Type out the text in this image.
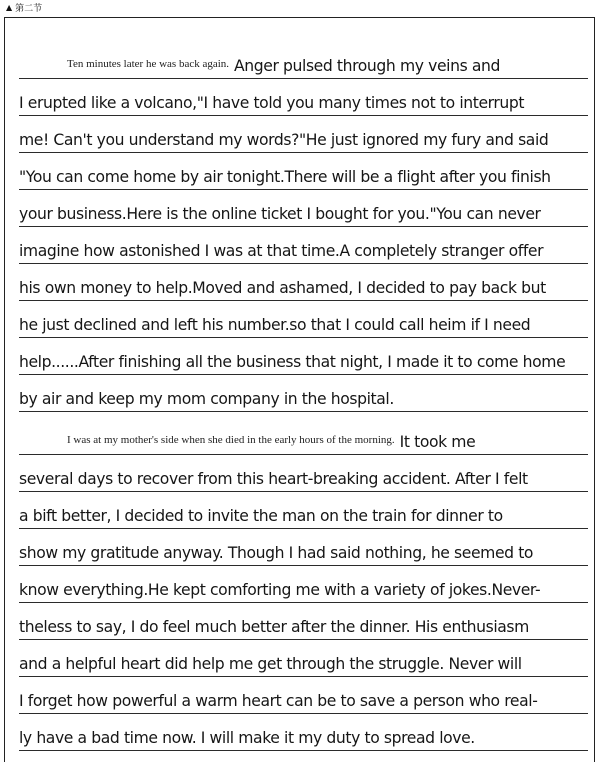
▲ 第二节
Ten minutes later he was back again. Anger pulsed through my veins and
I erupted like a volcano,"I have told you many times not to interrupt
me! Can't you understand my words?"He just ignored my fury and said
"You can come home by air tonight.There will be a flight after you finish
your business.Here is the online ticket I bought for you."You can never
imagine how astonished I was at that time.A completely stranger offer
his own money to help.Moved and ashamed, I decided to pay back but
he just declined and left his number.so that I could call heim if I need
help......After finishing all the business that night, I made it to come home
by air and keep my mom company in the hospital.
I was at my mother's side when she died in the early hours of the morning. It took me
several days to recover from this heart-breaking accident. After I felt
a bift better, I decided to invite the man on the train for dinner to
show my gratitude anyway. Though I had said nothing, he seemed to
know everything.He kept comforting me with a variety of jokes.Never-
theless to say, I do feel much better after the dinner. His enthusiasm
and a helpful heart did help me get through the struggle. Never will
I forget how powerful a warm heart can be to save a person who real-
ly have a bad time now. I will make it my duty to spread love.
